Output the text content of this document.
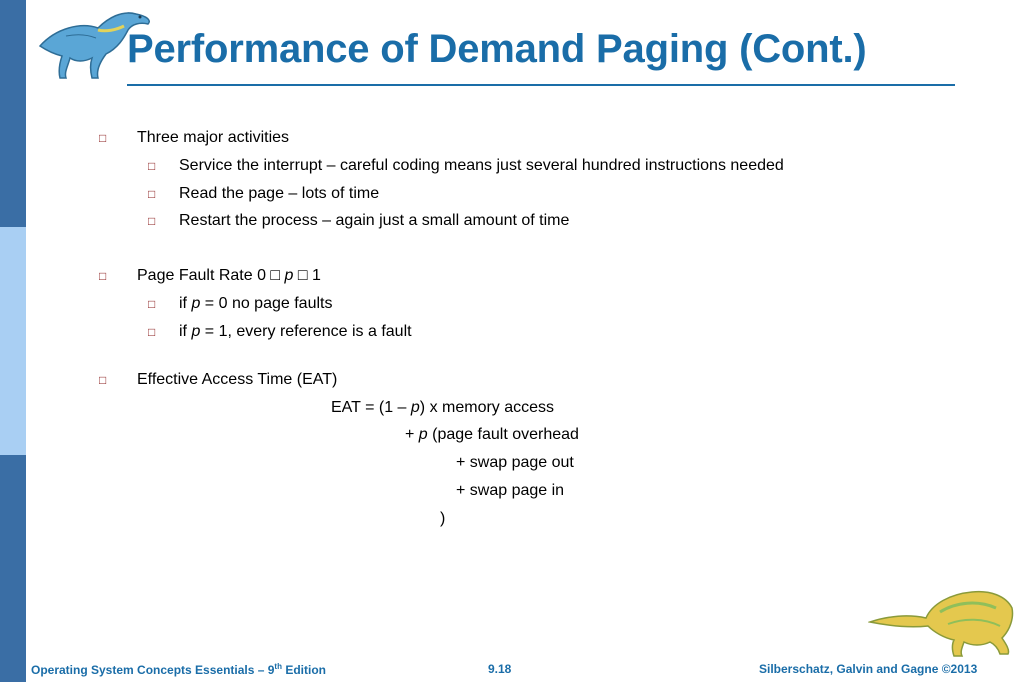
Performance of Demand Paging (Cont.)
□ Three major activities
□ Service the interrupt – careful coding means just several hundred instructions needed
□ Read the page – lots of time
□ Restart the process – again just a small amount of time
□ Page Fault Rate 0 □ p □ 1
□ if p = 0 no page faults
□ if p = 1, every reference is a fault
□ Effective Access Time (EAT)
EAT = (1 – p) x memory access
+ p (page fault overhead
+ swap page out
+ swap page in
)
Operating System Concepts Essentials – 9th Edition	9.18	Silberschatz, Galvin and Gagne ©2013
